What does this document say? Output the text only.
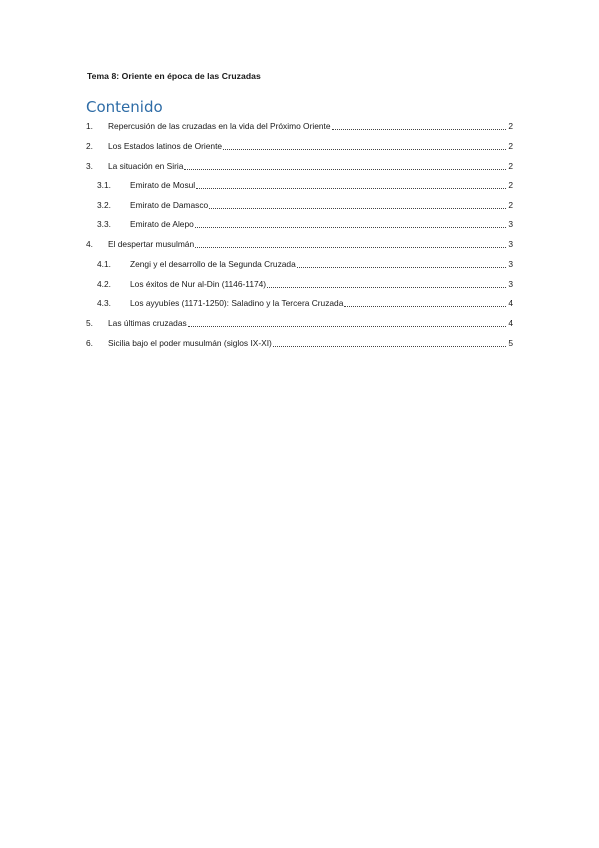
Tema 8: Oriente en época de las Cruzadas
Contenido
1.	Repercusión de las cruzadas en la vida del Próximo Oriente	2
2.	Los Estados latinos de Oriente	2
3.	La situación en Siria	2
3.1.	Emirato de Mosul	2
3.2.	Emirato de Damasco	2
3.3.	Emirato de Alepo	3
4.	El despertar musulmán	3
4.1.	Zengi y el desarrollo de la Segunda Cruzada	3
4.2.	Los éxitos de Nur al-Din (1146-1174)	3
4.3.	Los ayyubíes (1171-1250): Saladino y la Tercera Cruzada	4
5.	Las últimas cruzadas	4
6.	Sicilia bajo el poder musulmán (siglos IX-XI)	5
